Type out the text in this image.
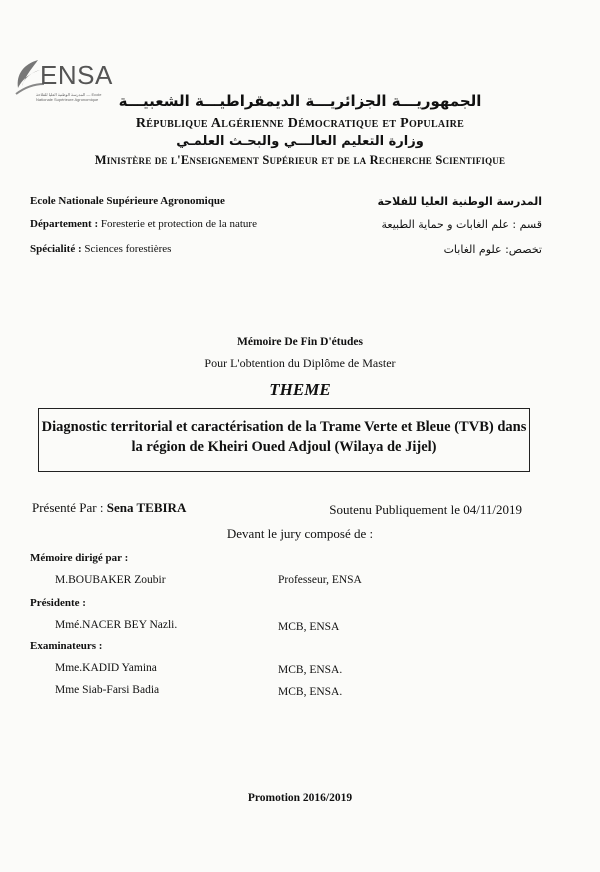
ENSA
المدرسة الوطنية العليا للفلاحة — Ecole Nationale Supérieure Agronomique	الجمهوريـــة الجزائريـــة الديمقراطيـــة الشعبيـــة
République Algérienne Démocratique et Populaire
وزارة التعليم العالـــي والبحـث العلمـي
Ministère de l'Enseignement Supérieur et de la Recherche Scientifique
Ecole Nationale Supérieure Agronomique	المدرسة الوطنية العليا للفلاحة
Département : Foresterie et protection de la nature	قسم : علم الغابات و حماية الطبيعة
Spécialité : Sciences forestières	تخصص: علوم الغابات
Mémoire De Fin D'études
Pour L'obtention du Diplôme de Master
THEME
Diagnostic territorial et caractérisation de la Trame Verte et Bleue (TVB) dans la région de Kheiri Oued Adjoul (Wilaya de Jijel)
Présenté Par : Sena TEBIRA	Soutenu Publiquement le 04/11/2019
Devant le jury composé de :
Mémoire dirigé par :
M.BOUBAKER Zoubir	Professeur, ENSA
Présidente :
Mmé.NACER BEY Nazli.	MCB, ENSA
Examinateurs :
Mme.KADID Yamina	MCB, ENSA.
Mme Siab-Farsi Badia	MCB, ENSA.
Promotion 2016/2019
